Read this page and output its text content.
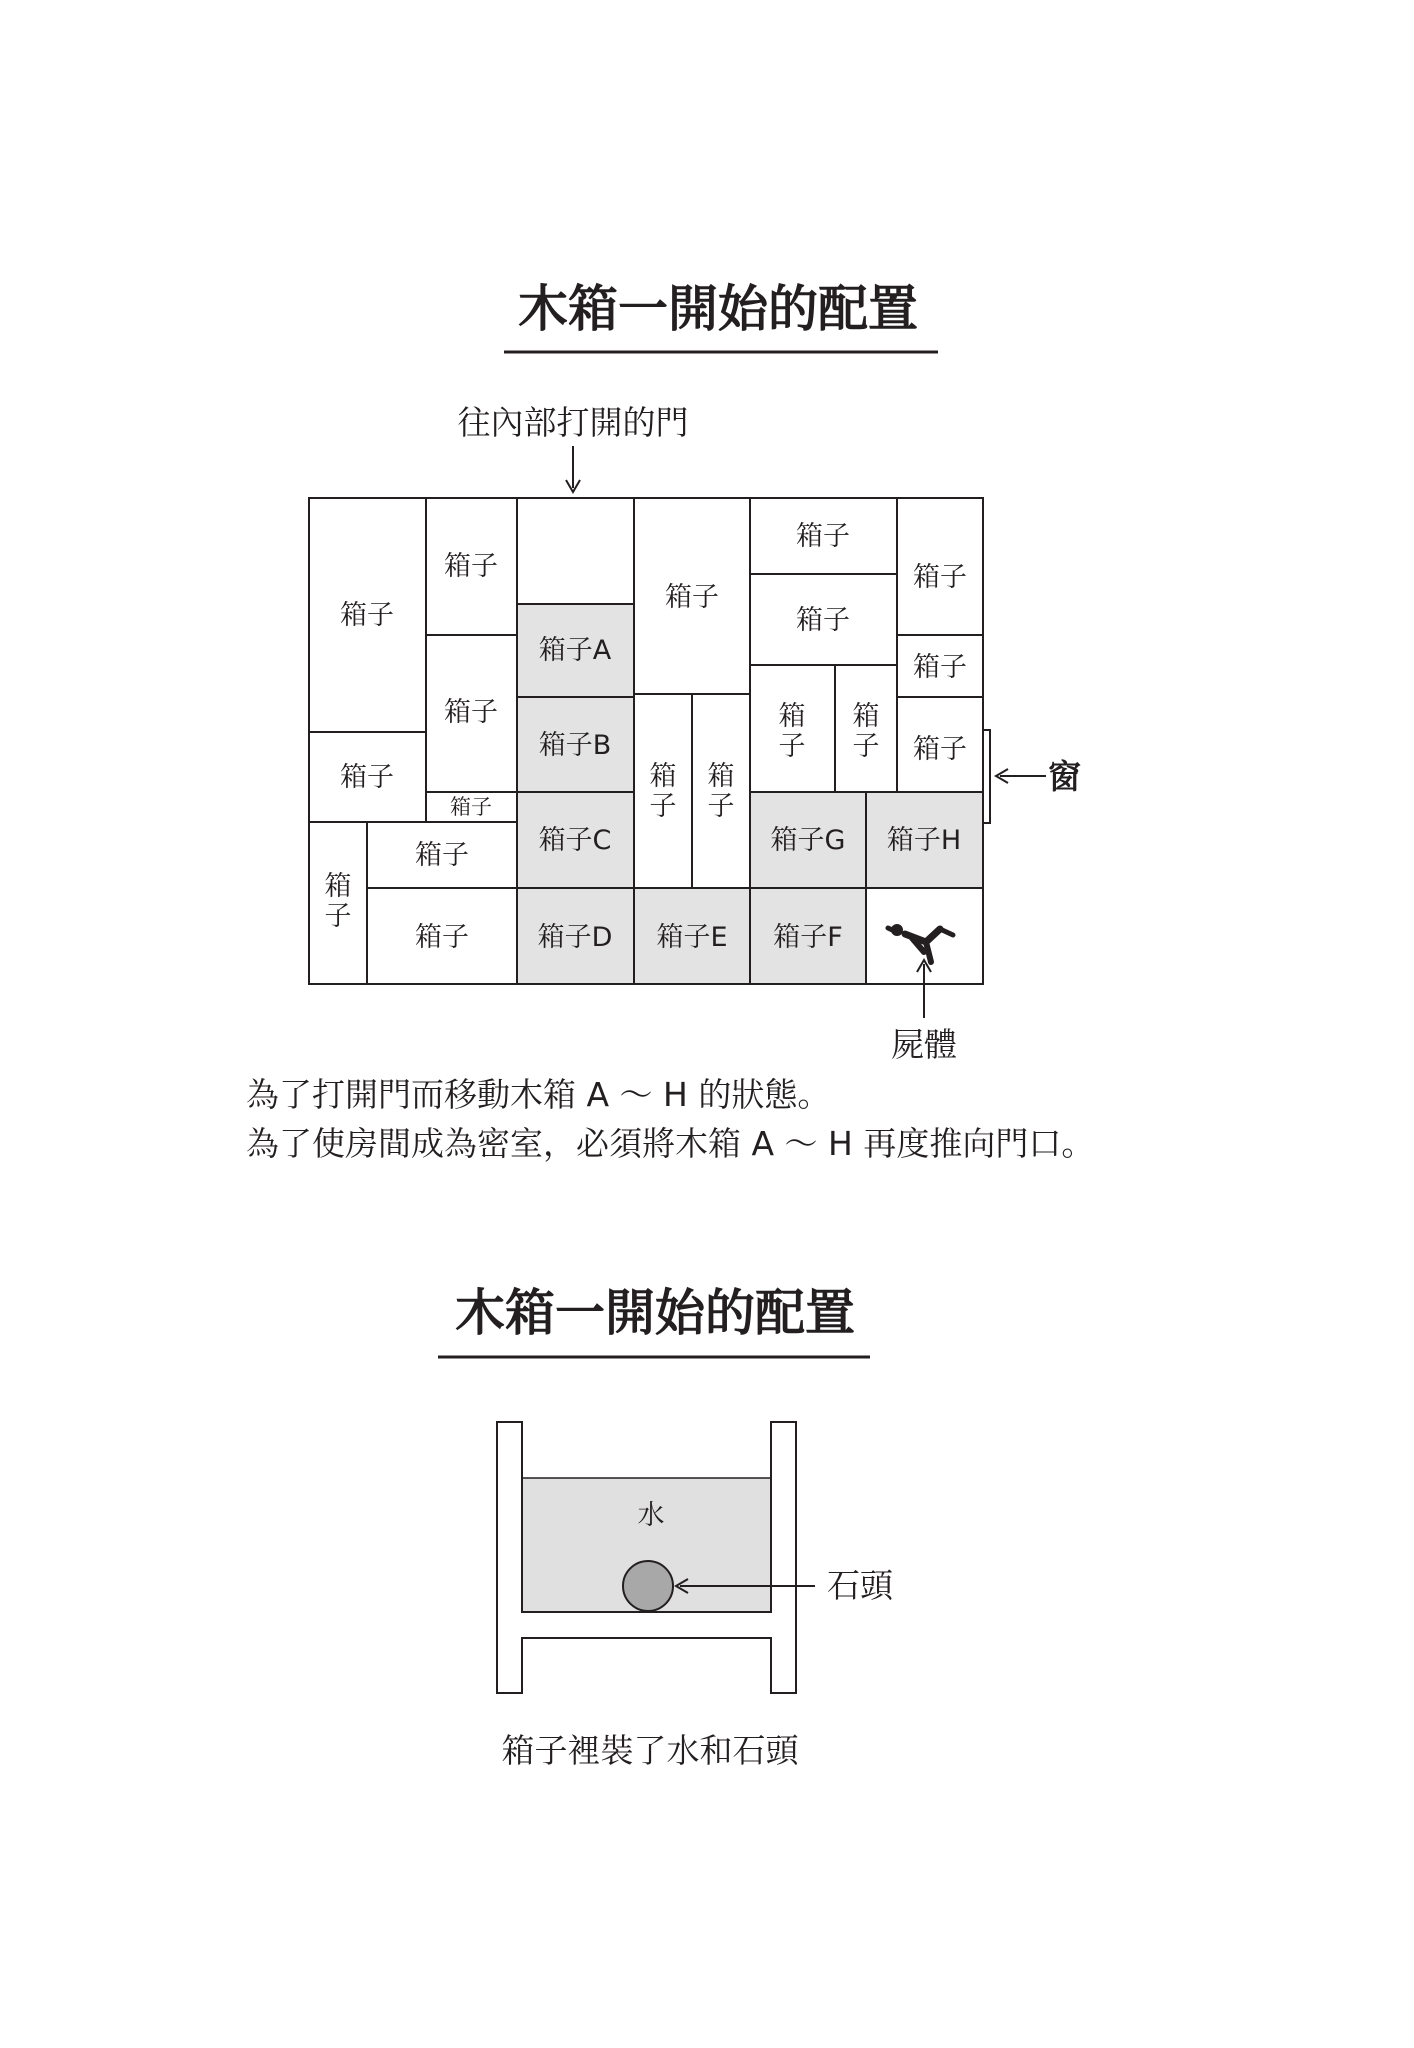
木箱一開始的配置
往內部打開的門
箱子
箱子
箱
子
箱子
箱子
箱子
箱子
箱子
箱子A
箱子B
箱子C
箱子D
箱子
箱
子
箱
子
箱子E
箱子
箱子
箱
子
箱
子
箱子G
箱子F
箱子
箱子
箱子
箱子H
窗
屍體
為了打開門而移動木箱 A ～ H 的狀態。
為了使房間成為密室，必須將木箱 A ～ H 再度推向門口。
木箱一開始的配置
水
石頭
箱子裡裝了水和石頭
